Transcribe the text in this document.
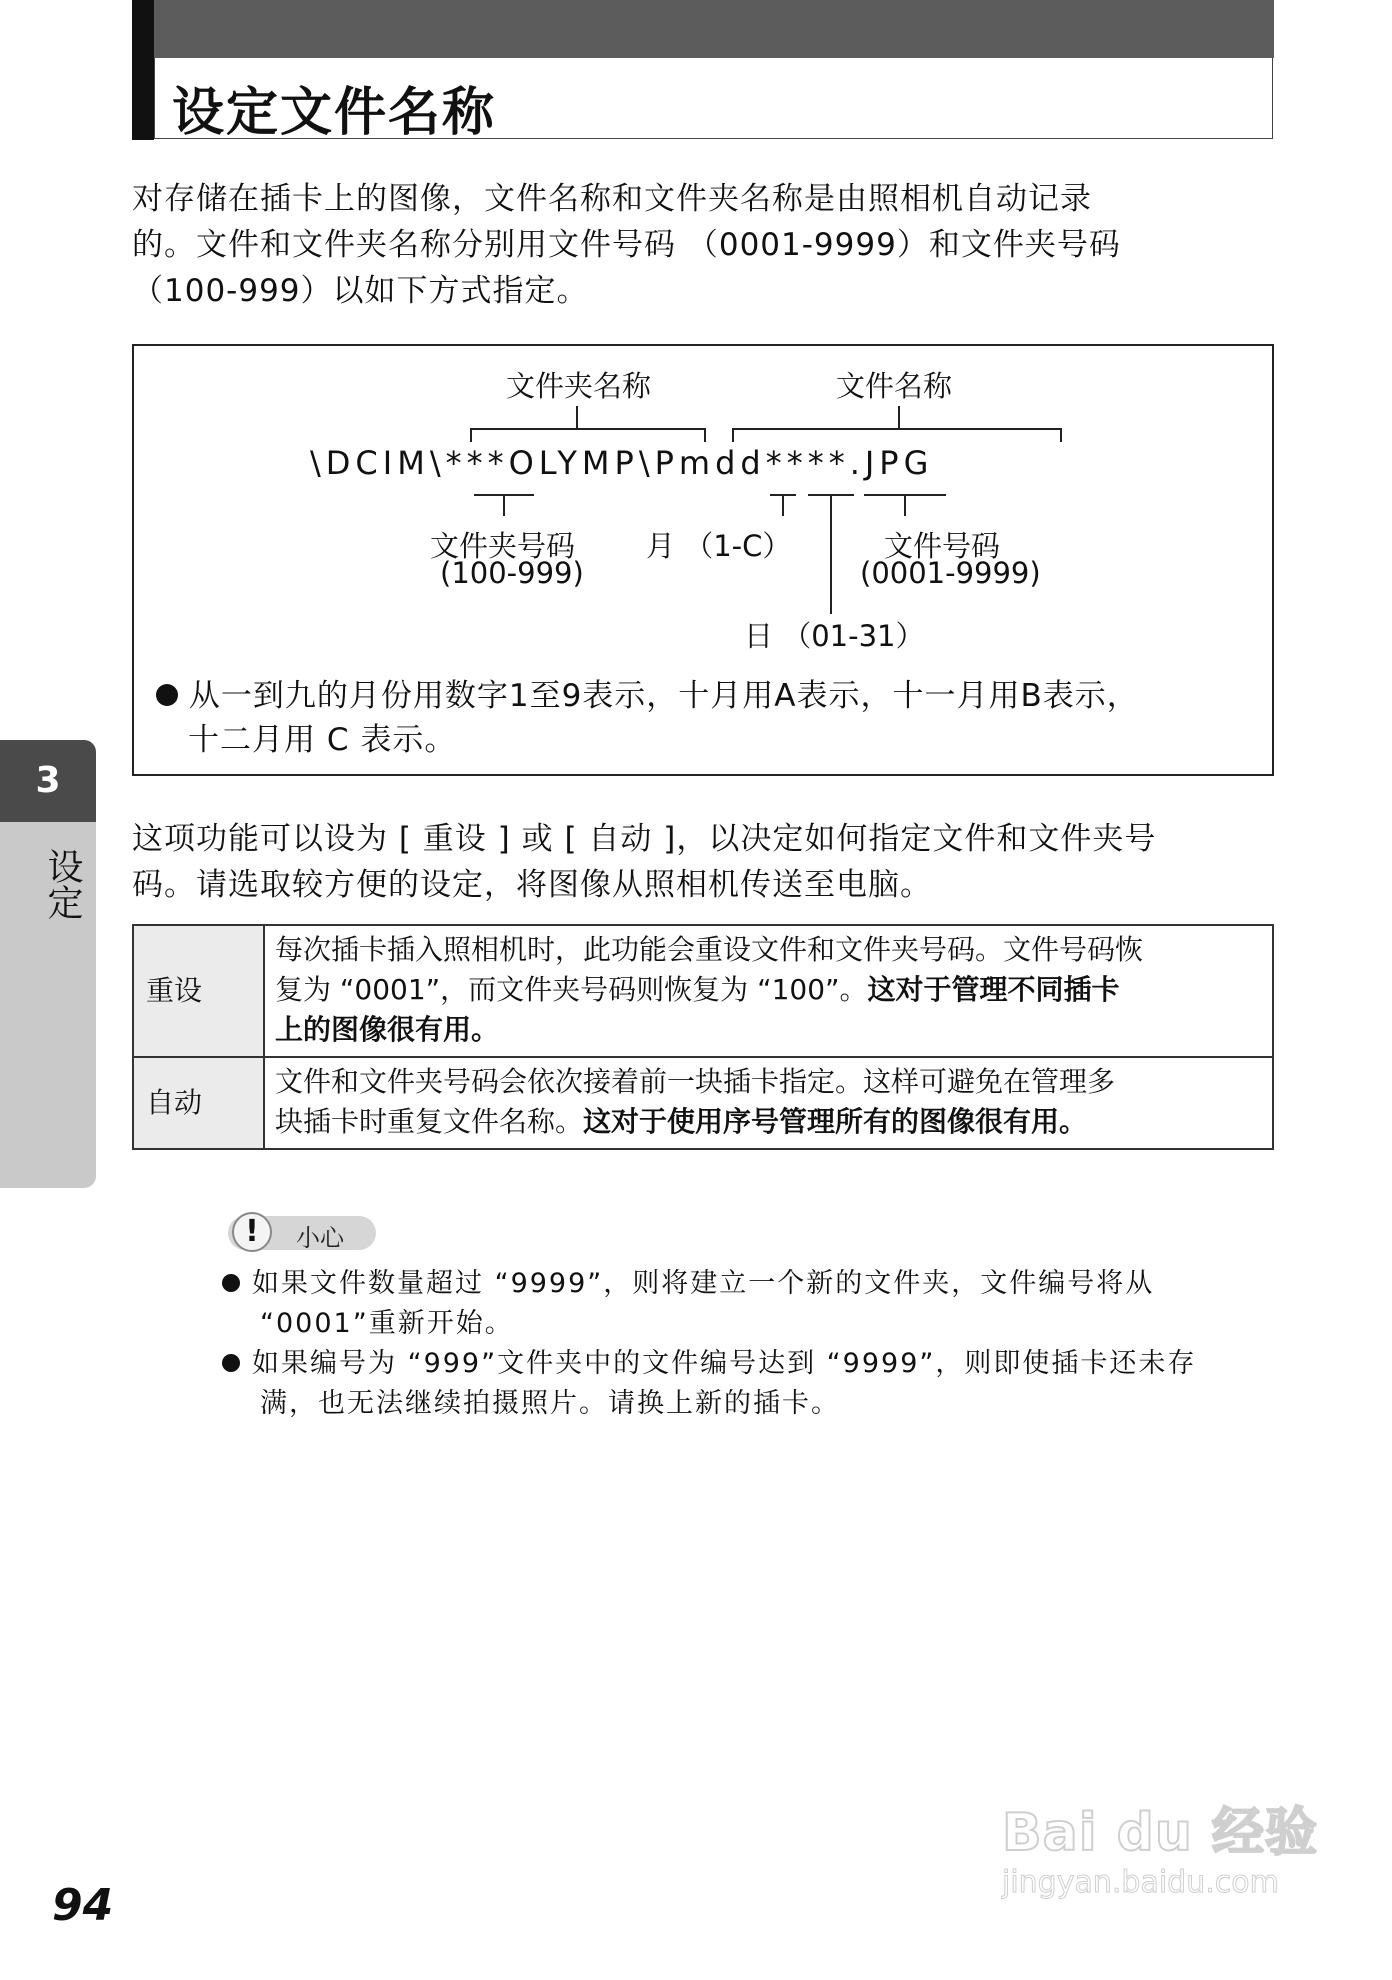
设定文件名称

对存储在插卡上的图像，文件名称和文件夹名称是由照相机自动记录

的。文件和文件夹名称分别用文件号码 （0001-9999）和文件夹号码

（100-999）以如下方式指定。

文件夹名称	文件名称
\DCIM\***OLYMP\Pmdd****.JPG
文件夹号码
(100-999)
月 （1-C）	文件号码
(0001-9999)
日 （01-31）
从一到九的月份用数字1至9表示，十月用A表示，十一月用B表示，
十二月用 C 表示。

这项功能可以设为 [ 重设 ] 或 [ 自动 ]，以决定如何指定文件和文件夹号

码。请选取较方便的设定，将图像从照相机传送至电脑。

重设	每次插卡插入照相机时，此功能会重设文件和文件夹号码。文件号码恢
复为 “0001”，而文件夹号码则恢复为 “100”。这对于管理不同插卡
上的图像很有用。

自动	文件和文件夹号码会依次接着前一块插卡指定。这样可避免在管理多
块插卡时重复文件名称。这对于使用序号管理所有的图像很有用。
3
设定
!	小心

如果文件数量超过 “9999”，则将建立一个新的文件夹，文件编号将从

“0001”重新开始。

如果编号为 “999”文件夹中的文件编号达到 “9999”，则即使插卡还未存

满，也无法继续拍摄照片。请换上新的插卡。

94
Bai du 经验
jingyan.baidu.com
